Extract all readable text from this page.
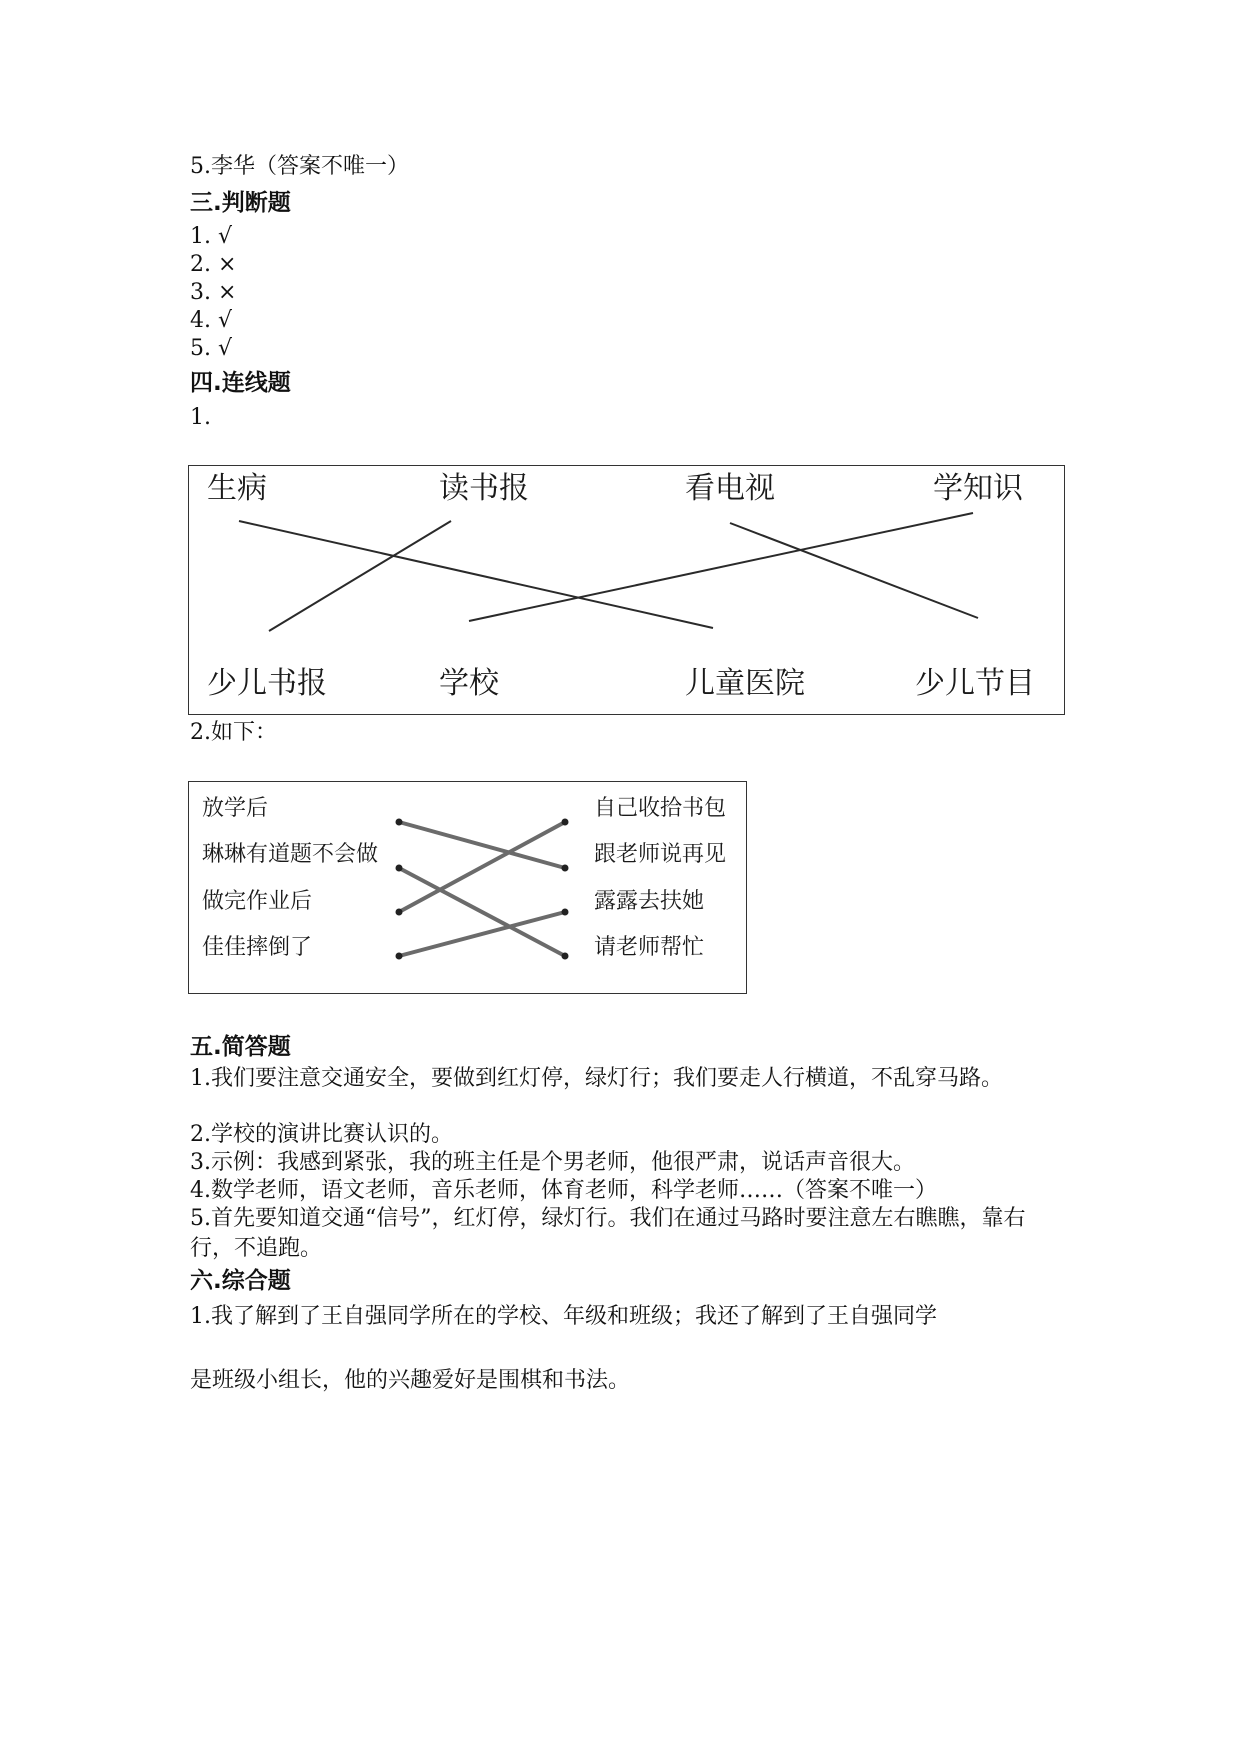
5.李华（答案不唯一）
三.判断题
1. √
2. ×
3. ×
4. √
5. √
四.连线题
1.
生病	读书报	看电视	学知识
少儿书报	学校	儿童医院	少儿节目
2.如下：
放学后
琳琳有道题不会做
做完作业后
佳佳摔倒了
自己收拾书包
跟老师说再见
露露去扶她
请老师帮忙
五.简答题
1.我们要注意交通安全，要做到红灯停，绿灯行；我们要走人行横道，不乱穿马路。
2.学校的演讲比赛认识的。
3.示例：我感到紧张，我的班主任是个男老师，他很严肃，说话声音很大。
4.数学老师，语文老师，音乐老师，体育老师，科学老师……（答案不唯一）
5.首先要知道交通“信号”，红灯停，绿灯行。我们在通过马路时要注意左右瞧瞧，靠右行，不追跑。
六.综合题
1.我了解到了王自强同学所在的学校、年级和班级；我还了解到了王自强同学
是班级小组长，他的兴趣爱好是围棋和书法。
